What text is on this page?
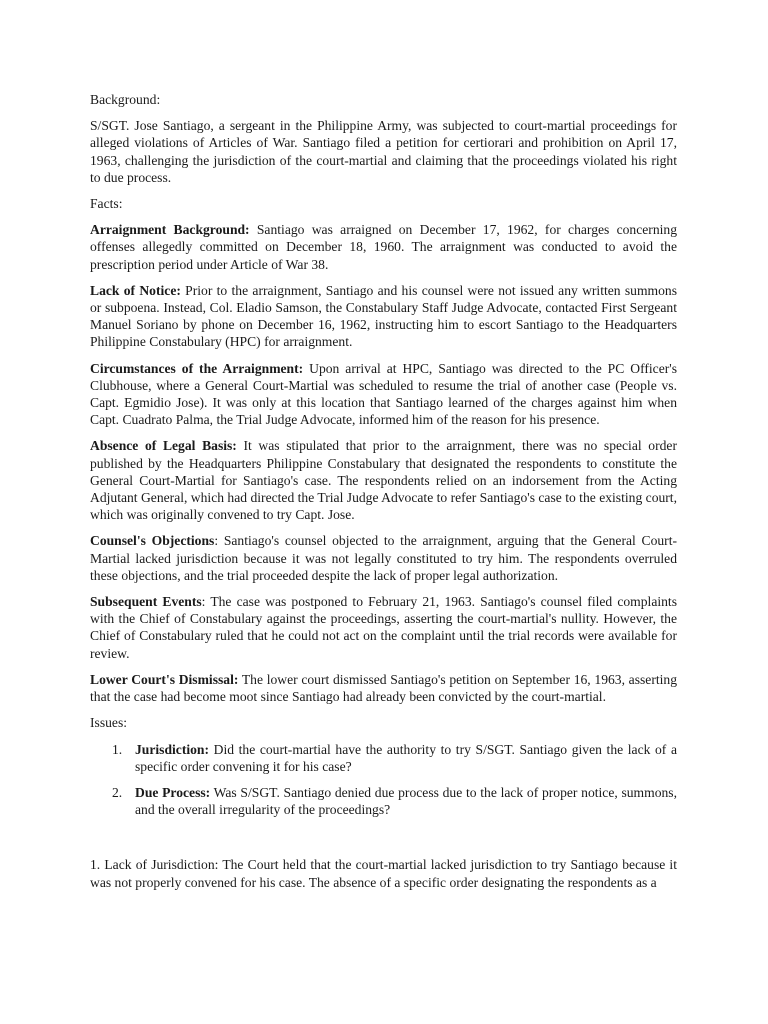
Background:

S/SGT. Jose Santiago, a sergeant in the Philippine Army, was subjected to court-martial proceedings for alleged violations of Articles of War. Santiago filed a petition for certiorari and prohibition on April 17, 1963, challenging the jurisdiction of the court-martial and claiming that the proceedings violated his right to due process.

Facts:

Arraignment Background: Santiago was arraigned on December 17, 1962, for charges concerning offenses allegedly committed on December 18, 1960. The arraignment was conducted to avoid the prescription period under Article of War 38.

Lack of Notice: Prior to the arraignment, Santiago and his counsel were not issued any written summons or subpoena. Instead, Col. Eladio Samson, the Constabulary Staff Judge Advocate, contacted First Sergeant Manuel Soriano by phone on December 16, 1962, instructing him to escort Santiago to the Headquarters Philippine Constabulary (HPC) for arraignment.

Circumstances of the Arraignment: Upon arrival at HPC, Santiago was directed to the PC Officer's Clubhouse, where a General Court-Martial was scheduled to resume the trial of another case (People vs. Capt. Egmidio Jose). It was only at this location that Santiago learned of the charges against him when Capt. Cuadrato Palma, the Trial Judge Advocate, informed him of the reason for his presence.

Absence of Legal Basis: It was stipulated that prior to the arraignment, there was no special order published by the Headquarters Philippine Constabulary that designated the respondents to constitute the General Court-Martial for Santiago's case. The respondents relied on an indorsement from the Acting Adjutant General, which had directed the Trial Judge Advocate to refer Santiago's case to the existing court, which was originally convened to try Capt. Jose.

Counsel's Objections: Santiago's counsel objected to the arraignment, arguing that the General Court-Martial lacked jurisdiction because it was not legally constituted to try him. The respondents overruled these objections, and the trial proceeded despite the lack of proper legal authorization.

Subsequent Events: The case was postponed to February 21, 1963. Santiago's counsel filed complaints with the Chief of Constabulary against the proceedings, asserting the court-martial's nullity. However, the Chief of Constabulary ruled that he could not act on the complaint until the trial records were available for review.

Lower Court's Dismissal: The lower court dismissed Santiago's petition on September 16, 1963, asserting that the case had become moot since Santiago had already been convicted by the court-martial.

Issues:

1. Jurisdiction: Did the court-martial have the authority to try S/SGT. Santiago given the lack of a specific order convening it for his case?
2. Due Process: Was S/SGT. Santiago denied due process due to the lack of proper notice, summons, and the overall irregularity of the proceedings?

1. Lack of Jurisdiction: The Court held that the court-martial lacked jurisdiction to try Santiago because it was not properly convened for his case. The absence of a specific order designating the respondents as a
